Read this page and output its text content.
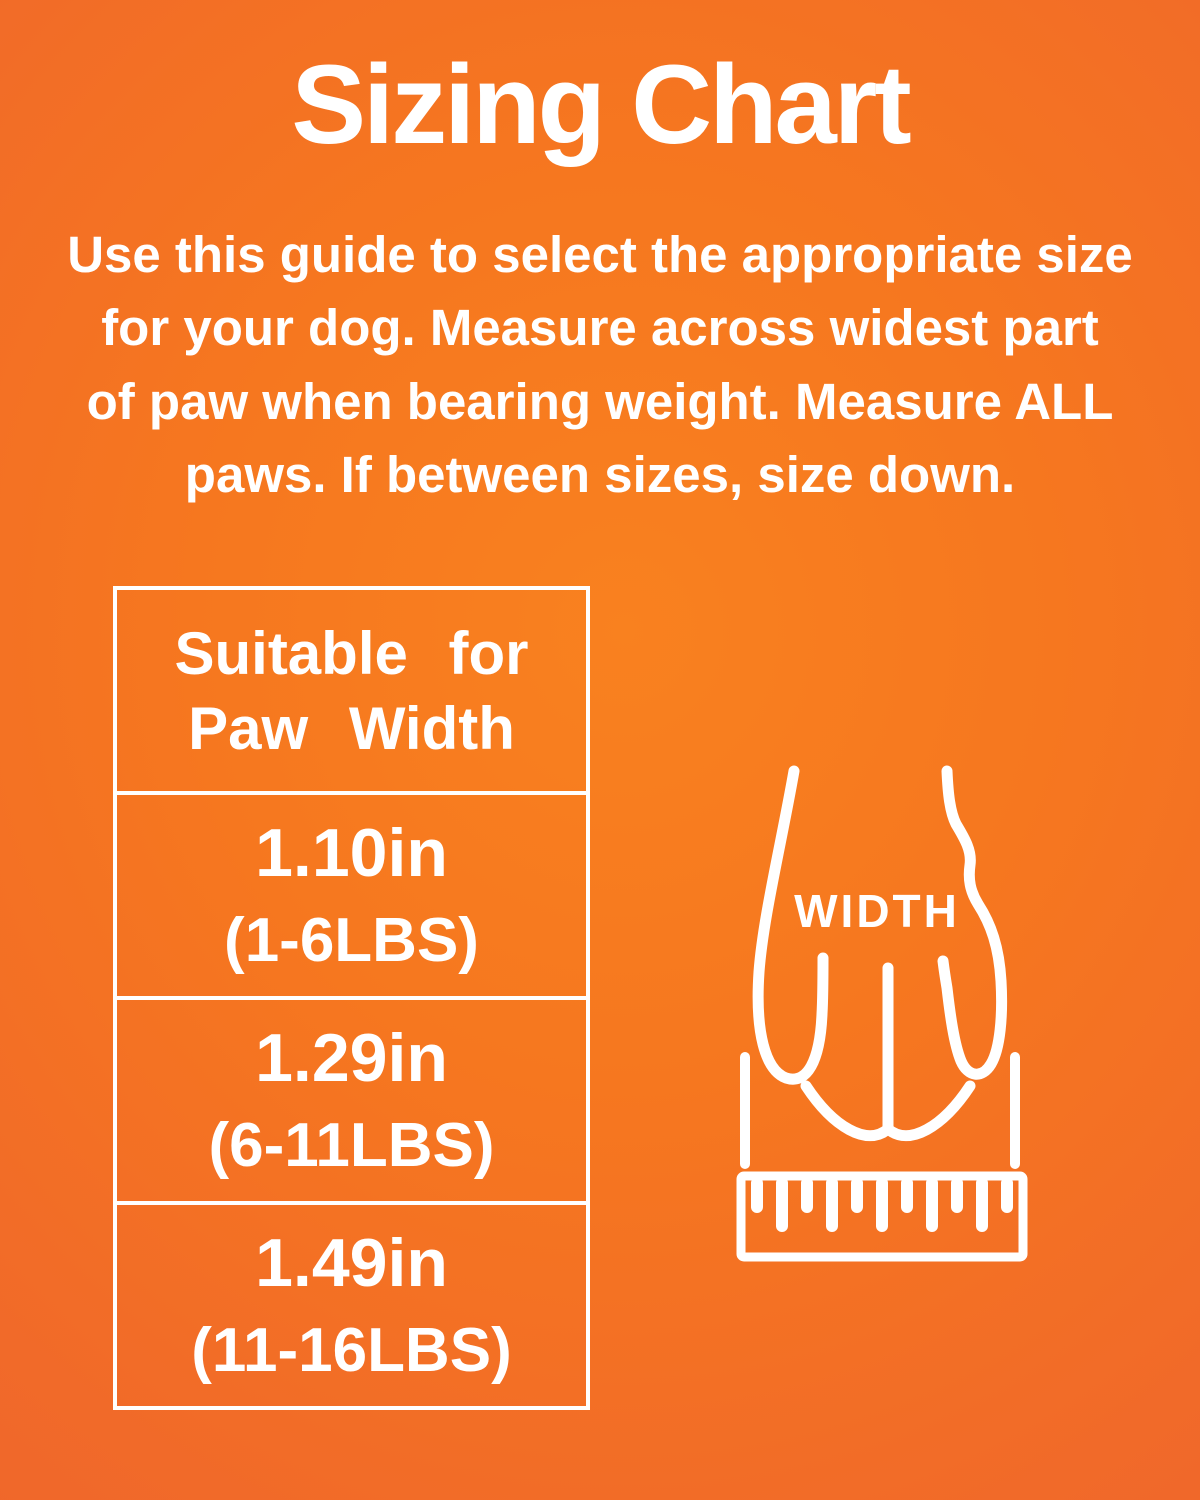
Sizing Chart
Use this guide to select the appropriate size
for your dog. Measure across widest part
of paw when bearing weight. Measure ALL
paws. If between sizes, size down.
Suitable for
Paw Width
1.10in
(1-6LBS)
1.29in
(6-11LBS)
1.49in
(11-16LBS)
WIDTH
